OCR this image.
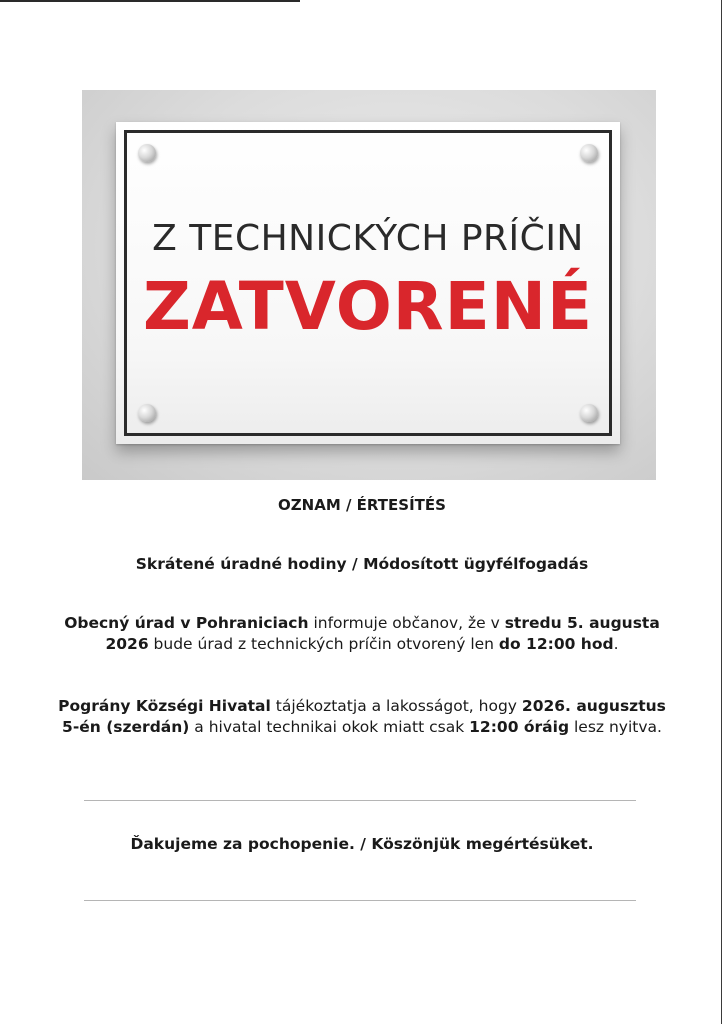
Z TECHNICKÝCH PRÍČIN
ZATVORENÉ
OZNAM / ÉRTESÍTÉS
Skrátené úradné hodiny / Módosított ügyfélfogadás
Obecný úrad v Pohraniciach informuje občanov, že v stredu 5. augusta 2026 bude úrad z technických príčin otvorený len do 12:00 hod.
Pográny Községi Hivatal tájékoztatja a lakosságot, hogy 2026. augusztus 5-én (szerdán) a hivatal technikai okok miatt csak 12:00 óráig lesz nyitva.
Ďakujeme za pochopenie. / Köszönjük megértésüket.
